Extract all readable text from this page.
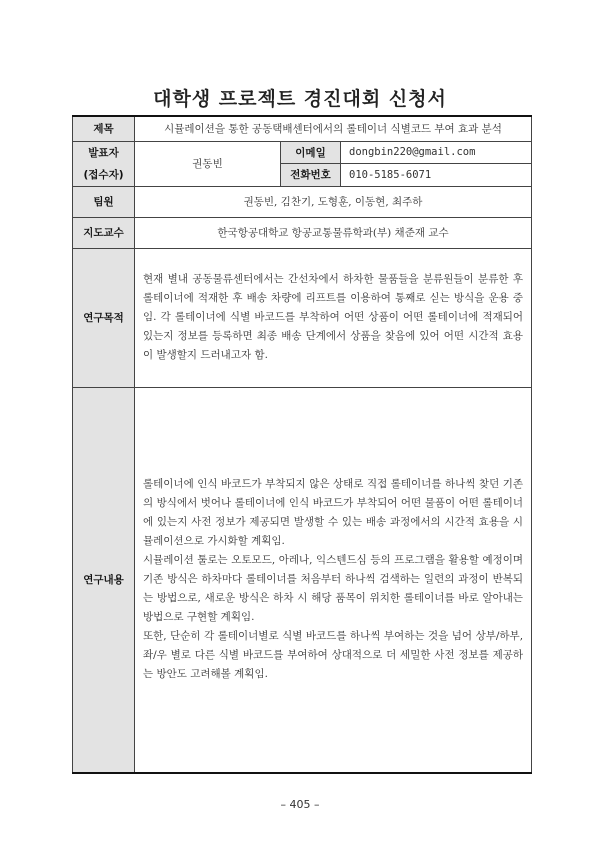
대학생 프로젝트 경진대회 신청서
제목	시뮬레이션을 통한 공동택배센터에서의 롤테이너 식별코드 부여 효과 분석		

발표자
(접수자)	권동빈	이메일	dongbin220@gmail.com
		전화번호	010-5185-6071
팀원	권동빈, 김찬기, 도형훈, 이동현, 최주하		
지도교수	한국항공대학교 항공교통물류학과(부) 채준재 교수		
연구목적	현재 별내 공동물류센터에서는 간선차에서 하차한 물품들을 분류원들이 분류한 후 롤테이너에 적재한 후 배송 차량에 리프트를 이용하여 통째로 싣는 방식을 운용 중임. 각 롤테이너에 식별 바코드를 부착하여 어떤 상품이 어떤 롤테이너에 적재되어있는지 정보를 등록하면 최종 배송 단계에서 상품을 찾음에 있어 어떤 시간적 효용이 발생할지 드러내고자 함.		

연구내용	롤테이너에 인식 바코드가 부착되지 않은 상태로 직접 롤테이너를 하나씩 찾던 기존의 방식에서 벗어나 롤테이너에 인식 바코드가 부착되어 어떤 물품이 어떤 롤테이너에 있는지 사전 정보가 제공되면 발생할 수 있는 배송 과정에서의 시간적 효용을 시뮬레이션으로 가시화할 계획임.

시뮬레이션 툴로는 오토모드, 아레나, 익스텐드심 등의 프로그램을 활용할 예정이며 기존 방식은 하차마다 롤테이너를 처음부터 하나씩 검색하는 일련의 과정이 반복되는 방법으로, 새로운 방식은 하차 시 해당 품목이 위치한 롤테이너를 바로 알아내는 방법으로 구현할 계획임.

또한, 단순히 각 롤테이너별로 식별 바코드를 하나씩 부여하는 것을 넘어 상부/하부, 좌/우 별로 다른 식별 바코드를 부여하여 상대적으로 더 세밀한 사전 정보를 제공하는 방안도 고려해볼 계획임.		

– 405 –
